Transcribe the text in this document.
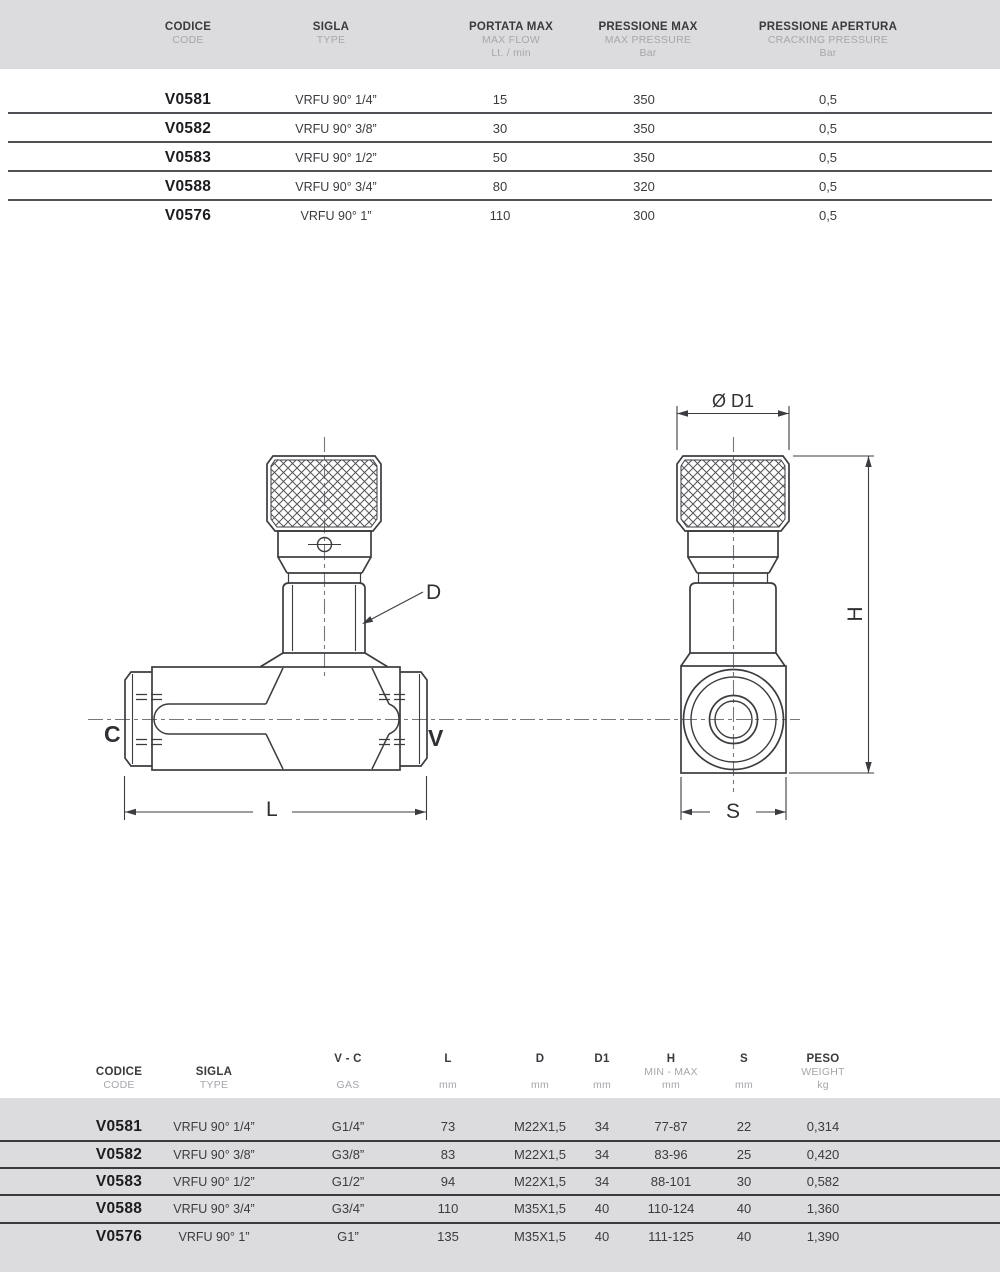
CODICE
CODE
SIGLA
TYPE
PORTATA MAX
MAX FLOW
Lt. / min
PRESSIONE MAX
MAX PRESSURE
Bar
PRESSIONE APERTURA
CRACKING PRESSURE
Bar
V0581	VRFU 90° 1/4”	15	350	0,5
V0582	VRFU 90° 3/8”	30	350	0,5
V0583	VRFU 90° 1/2”	50	350	0,5
V0588	VRFU 90° 3/4”	80	320	0,5
V0576	VRFU 90° 1”	110	300	0,5
D
C	V
L
Ø D1
H
S
CODICE
CODE
SIGLA
TYPE
V - C
GAS
L
mm
D
mm
D1
mm
H
MIN - MAX
mm
S
mm
PESO
WEIGHT
kg
V0581 VRFU 90° 1/4”	G1/4”	73	M22X1,5 34	77-87	22	0,314
V0582 VRFU 90° 3/8”	G3/8”	83	M22X1,5 34	83-96	25	0,420
V0583 VRFU 90° 1/2”	G1/2”	94	M22X1,5 34	88-101	30	0,582
V0588 VRFU 90° 3/4”	G3/4”	110	M35X1,5 40	110-124	40	1,360
V0576	VRFU 90° 1”	G1”	135	M35X1,5 40	111-125	40	1,390
